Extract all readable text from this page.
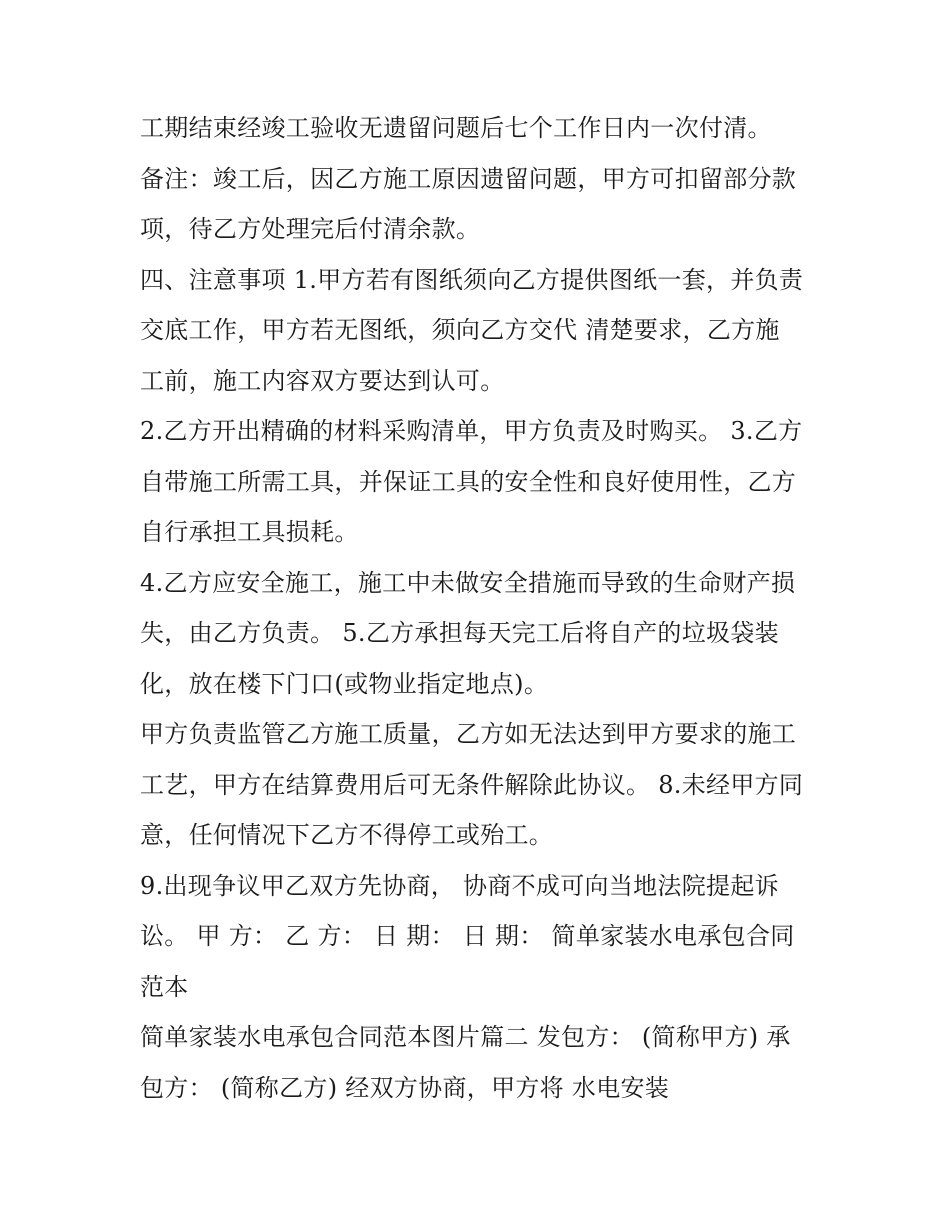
工期结束经竣工验收无遗留问题后七个工作日内一次付清。
备注：竣工后，因乙方施工原因遗留问题，甲方可扣留部分款
项，待乙方处理完后付清余款。
四、注意事项 1.甲方若有图纸须向乙方提供图纸一套，并负责
交底工作，甲方若无图纸，须向乙方交代 清楚要求，乙方施
工前，施工内容双方要达到认可。
2.乙方开出精确的材料采购清单，甲方负责及时购买。 3.乙方
自带施工所需工具，并保证工具的安全性和良好使用性，乙方
自行承担工具损耗。
4.乙方应安全施工，施工中未做安全措施而导致的生命财产损
失，由乙方负责。 5.乙方承担每天完工后将自产的垃圾袋装
化，放在楼下门口(或物业指定地点)。
甲方负责监管乙方施工质量，乙方如无法达到甲方要求的施工
工艺，甲方在结算费用后可无条件解除此协议。 8.未经甲方同
意，任何情况下乙方不得停工或殆工。
9.出现争议甲乙双方先协商， 协商不成可向当地法院提起诉
讼。 甲 方： 乙 方： 日 期： 日 期： 简单家装水电承包合同
范本
简单家装水电承包合同范本图片篇二 发包方： (简称甲方) 承
包方： (简称乙方) 经双方协商，甲方将 水电安装
